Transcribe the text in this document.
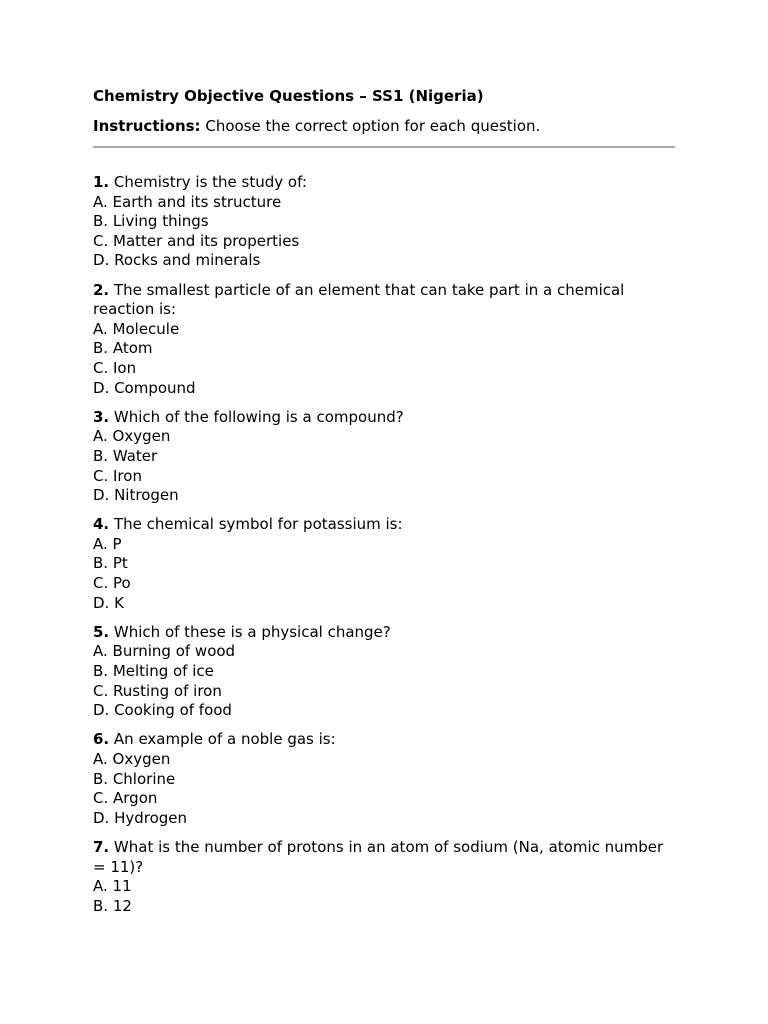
Chemistry Objective Questions – SS1 (Nigeria)
Instructions: Choose the correct option for each question.
1. Chemistry is the study of:
A. Earth and its structure
B. Living things
C. Matter and its properties
D. Rocks and minerals
2. The smallest particle of an element that can take part in a chemical reaction is:
A. Molecule
B. Atom
C. Ion
D. Compound
3. Which of the following is a compound?
A. Oxygen
B. Water
C. Iron
D. Nitrogen
4. The chemical symbol for potassium is:
A. P
B. Pt
C. Po
D. K
5. Which of these is a physical change?
A. Burning of wood
B. Melting of ice
C. Rusting of iron
D. Cooking of food
6. An example of a noble gas is:
A. Oxygen
B. Chlorine
C. Argon
D. Hydrogen
7. What is the number of protons in an atom of sodium (Na, atomic number = 11)?
A. 11
B. 12
